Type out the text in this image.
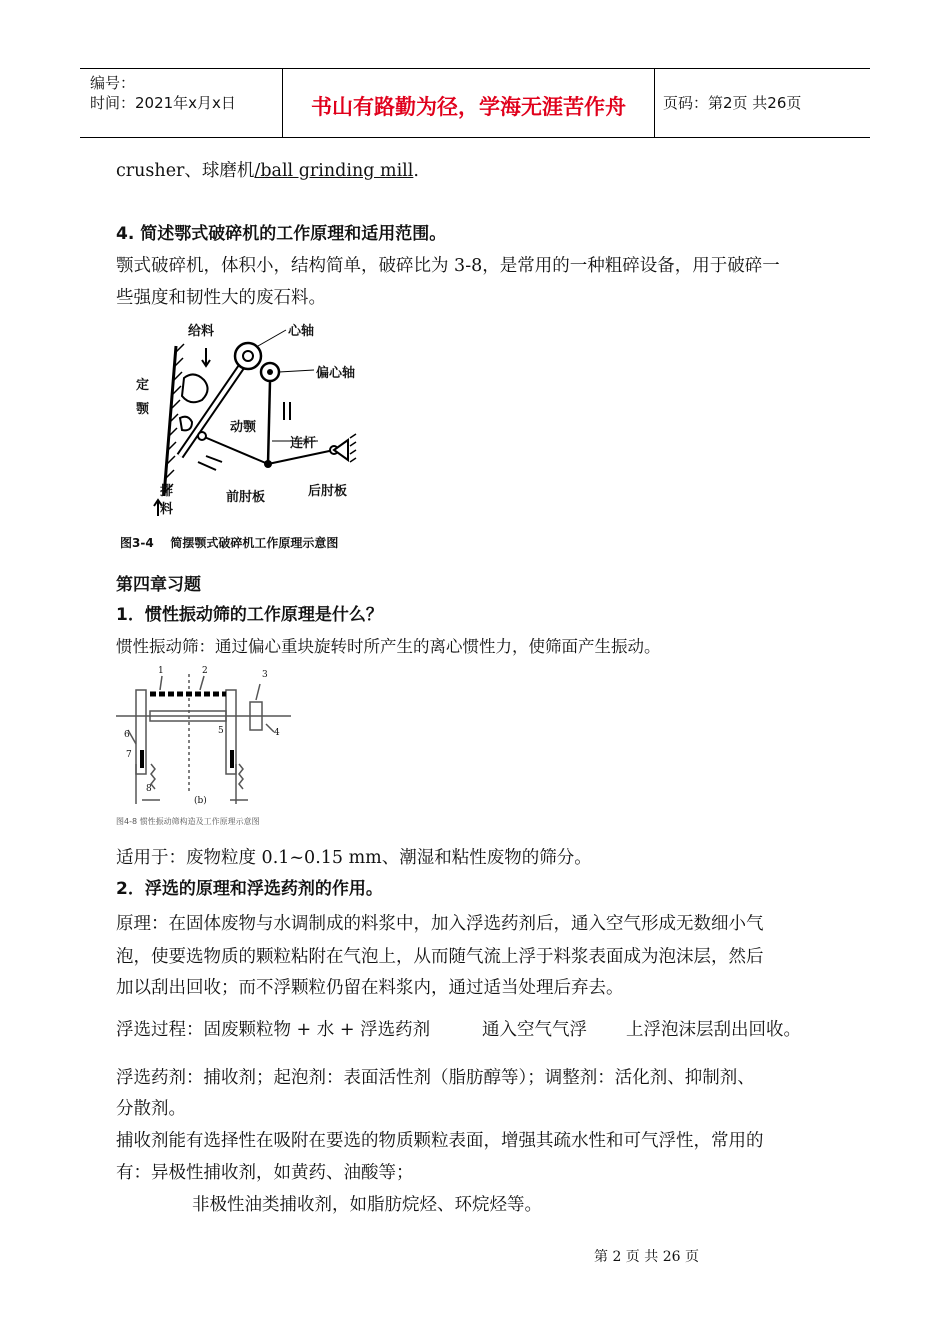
编号：
时间：2021年x月x日	书山有路勤为径，学海无涯苦作舟	页码：第2页 共26页
crusher、球磨机/ball grinding mill.
4. 简述鄂式破碎机的工作原理和适用范围。
颚式破碎机，体积小，结构简单，破碎比为 3-8，是常用的一种粗碎设备，用于破碎一
些强度和韧性大的废石料。
给料	心轴
偏心轴
定
颚
动颚
连杆
排
料
前肘板	后肘板
图3-4    简摆颚式破碎机工作原理示意图
第四章习题
1．惯性振动筛的工作原理是什么？
惯性振动筛：通过偏心重块旋转时所产生的离心惯性力，使筛面产生振动。
1	2	3
4
5
6
7
8
(b)
图4-8 惯性振动筛构造及工作原理示意图
适用于：废物粒度 0.1~0.15 mm、潮湿和粘性废物的筛分。
2．浮选的原理和浮选药剂的作用。
原理：在固体废物与水调制成的料浆中，加入浮选药剂后，通入空气形成无数细小气
泡，使要选物质的颗粒粘附在气泡上，从而随气流上浮于料浆表面成为泡沫层，然后
加以刮出回收；而不浮颗粒仍留在料浆内，通过适当处理后弃去。
浮选过程：固废颗粒物 + 水 + 浮选药剂	通入空气气浮 上浮泡沫层刮出回收。
浮选药剂：捕收剂；起泡剂：表面活性剂（脂肪醇等）；调整剂：活化剂、抑制剂、
分散剂。
捕收剂能有选择性在吸附在要选的物质颗粒表面，增强其疏水性和可气浮性，常用的
有：异极性捕收剂，如黄药、油酸等；
非极性油类捕收剂，如脂肪烷烃、环烷烃等。
第 2 页 共 26 页
